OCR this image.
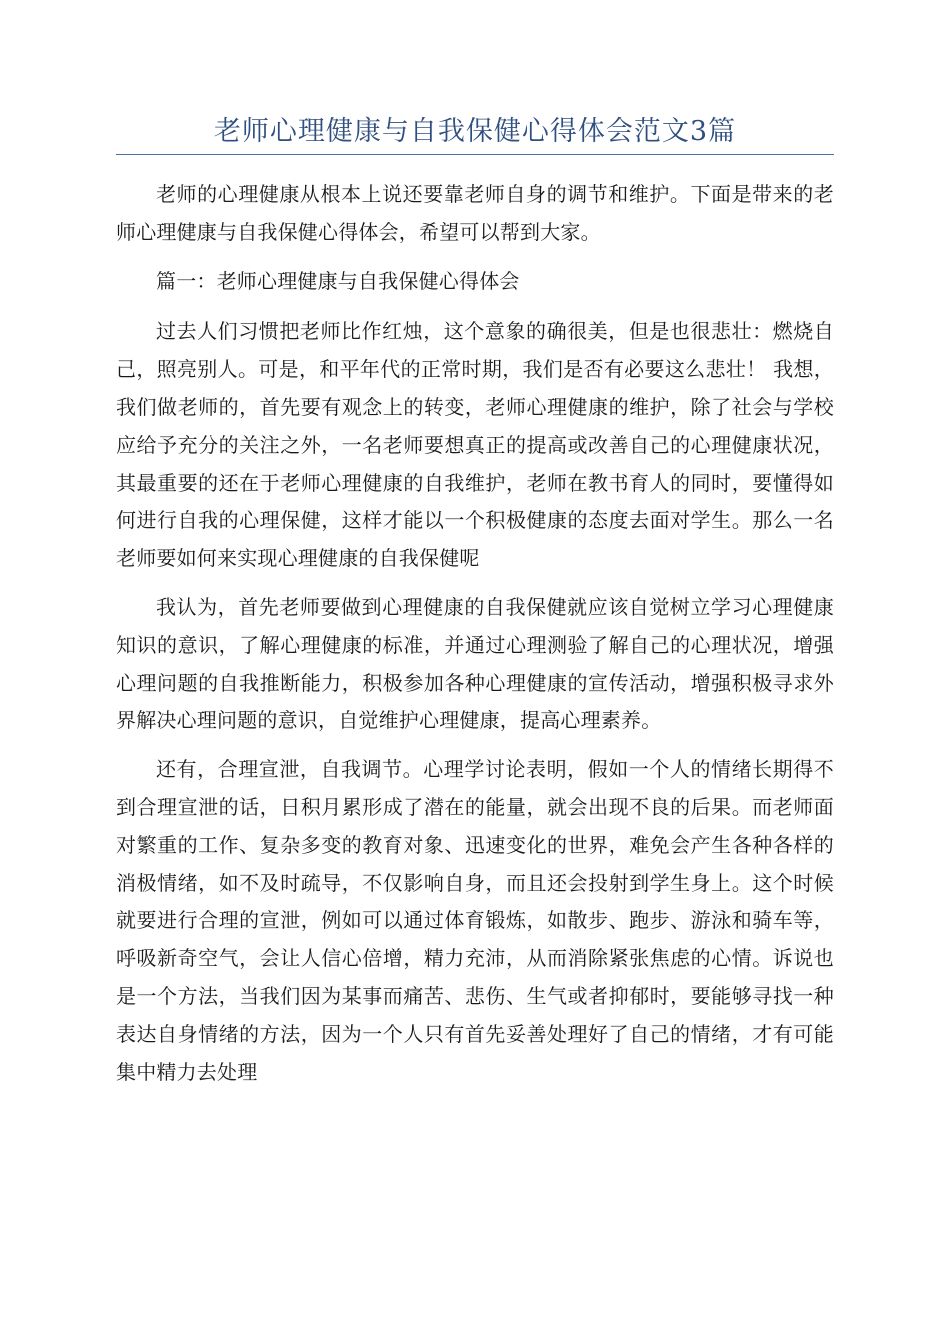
老师心理健康与自我保健心得体会范文3篇

老师的心理健康从根本上说还要靠老师自身的调节和维护。下面是带来的老师心理健康与自我保健心得体会，希望可以帮到大家。

篇一：老师心理健康与自我保健心得体会

过去人们习惯把老师比作红烛，这个意象的确很美，但是也很悲壮：燃烧自己，照亮别人。可是，和平年代的正常时期，我们是否有必要这么悲壮！ 我想，我们做老师的，首先要有观念上的转变，老师心理健康的维护，除了社会与学校应给予充分的关注之外，一名老师要想真正的提高或改善自己的心理健康状况，其最重要的还在于老师心理健康的自我维护，老师在教书育人的同时，要懂得如何进行自我的心理保健，这样才能以一个积极健康的态度去面对学生。那么一名老师要如何来实现心理健康的自我保健呢

我认为，首先老师要做到心理健康的自我保健就应该自觉树立学习心理健康知识的意识，了解心理健康的标准，并通过心理测验了解自己的心理状况，增强心理问题的自我推断能力，积极参加各种心理健康的宣传活动，增强积极寻求外界解决心理问题的意识，自觉维护心理健康，提高心理素养。

还有，合理宣泄，自我调节。心理学讨论表明，假如一个人的情绪长期得不到合理宣泄的话，日积月累形成了潜在的能量，就会出现不良的后果。而老师面对繁重的工作、复杂多变的教育对象、迅速变化的世界，难免会产生各种各样的消极情绪，如不及时疏导，不仅影响自身，而且还会投射到学生身上。这个时候就要进行合理的宣泄，例如可以通过体育锻炼，如散步、跑步、游泳和骑车等，呼吸新奇空气，会让人信心倍增，精力充沛，从而消除紧张焦虑的心情。诉说也是一个方法，当我们因为某事而痛苦、悲伤、生气或者抑郁时，要能够寻找一种表达自身情绪的方法，因为一个人只有首先妥善处理好了自己的情绪，才有可能集中精力去处理
